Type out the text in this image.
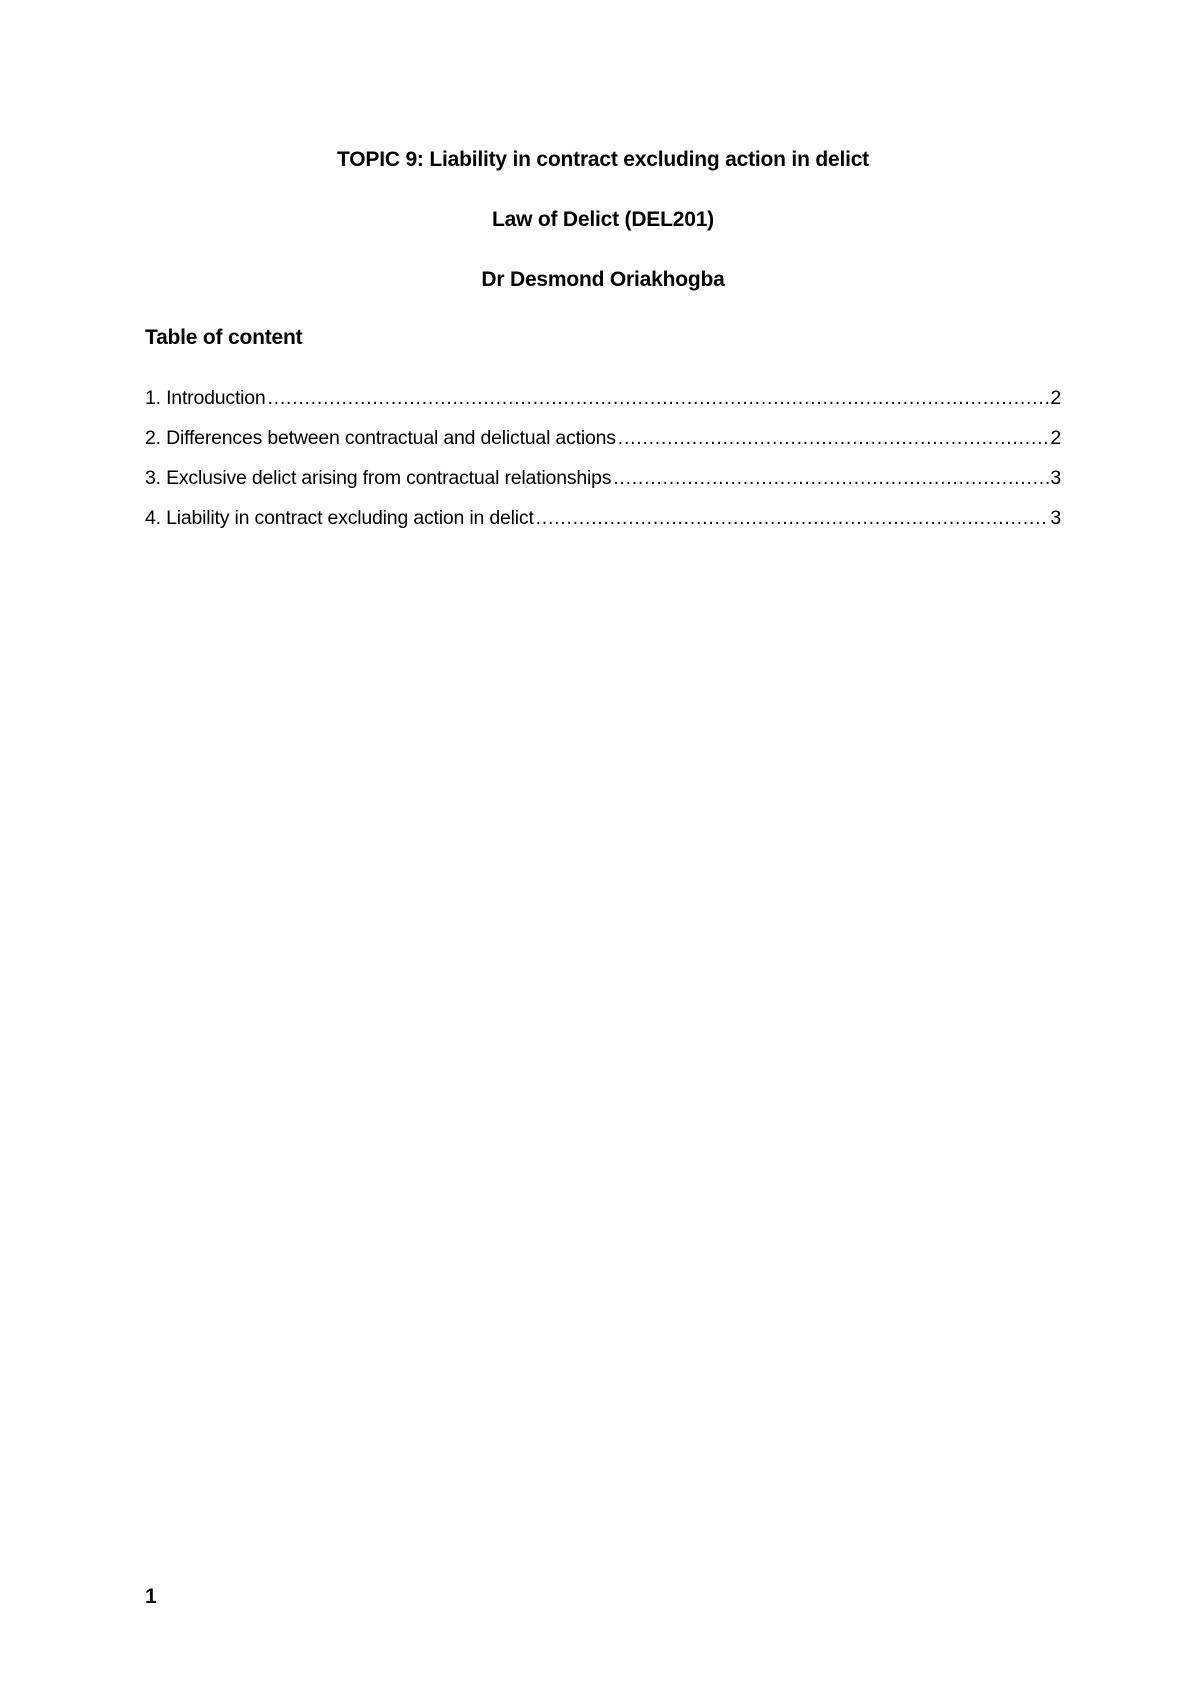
TOPIC 9: Liability in contract excluding action in delict

Law of Delict (DEL201)

Dr Desmond Oriakhogba

Table of content

1. Introduction ……………………………………………………………………………………………………………………………………………………………………………………………………………………………………………………………………	2
2. Differences between contractual and delictual actions ……………………………………………………………………………………………………………………………………………………………………………………………………………………………………………………………………	2
3. Exclusive delict arising from contractual relationships ……………………………………………………………………………………………………………………………………………………………………………………………………………………………………………………………………	3
4. Liability in contract excluding action in delict ……………………………………………………………………………………………………………………………………………………………………………………………………………………………………………………………………	3

1
